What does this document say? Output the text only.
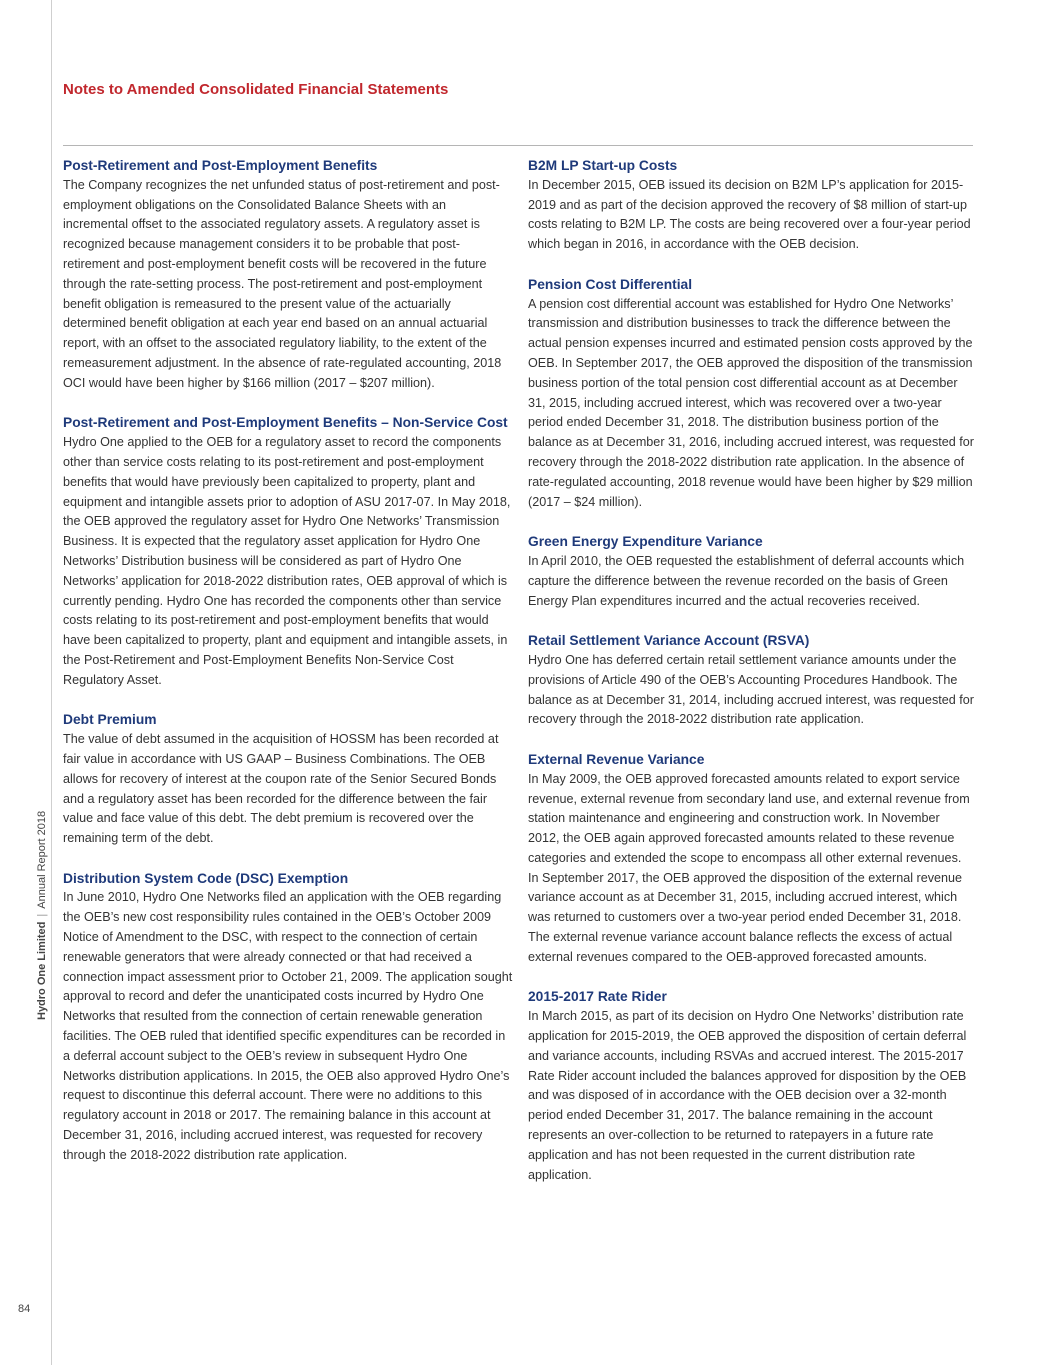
Notes to Amended Consolidated Financial Statements
Hydro One Limited|Annual Report 2018
84
Post-Retirement and Post-Employment Benefits

The Company recognizes the net unfunded status of post-retirement and post-employment obligations on the Consolidated Balance Sheets with an incremental offset to the associated regulatory assets. A regulatory asset is recognized because management considers it to be probable that post-retirement and post-employment benefit costs will be recovered in the future through the rate-setting process. The post-retirement and post-employment benefit obligation is remeasured to the present value of the actuarially determined benefit obligation at each year end based on an annual actuarial report, with an offset to the associated regulatory liability, to the extent of the remeasurement adjustment. In the absence of rate-regulated accounting, 2018 OCI would have been higher by $166 million (2017 – $207 million).

Post-Retirement and Post-Employment Benefits – Non-Service Cost

Hydro One applied to the OEB for a regulatory asset to record the components other than service costs relating to its post-retirement and post-employment benefits that would have previously been capitalized to property, plant and equipment and intangible assets prior to adoption of ASU 2017-07. In May 2018, the OEB approved the regulatory asset for Hydro One Networks’ Transmission Business. It is expected that the regulatory asset application for Hydro One Networks’ Distribution business will be considered as part of Hydro One Networks’ application for 2018-2022 distribution rates, OEB approval of which is currently pending. Hydro One has recorded the components other than service costs relating to its post-retirement and post-employment benefits that would have been capitalized to property, plant and equipment and intangible assets, in the Post-Retirement and Post-Employment Benefits Non-Service Cost Regulatory Asset.

Debt Premium

The value of debt assumed in the acquisition of HOSSM has been recorded at fair value in accordance with US GAAP – Business Combinations. The OEB allows for recovery of interest at the coupon rate of the Senior Secured Bonds and a regulatory asset has been recorded for the difference between the fair value and face value of this debt. The debt premium is recovered over the remaining term of the debt.

Distribution System Code (DSC) Exemption

In June 2010, Hydro One Networks filed an application with the OEB regarding the OEB’s new cost responsibility rules contained in the OEB’s October 2009 Notice of Amendment to the DSC, with respect to the connection of certain renewable generators that were already connected or that had received a connection impact assessment prior to October 21, 2009. The application sought approval to record and defer the unanticipated costs incurred by Hydro One Networks that resulted from the connection of certain renewable generation facilities. The OEB ruled that identified specific expenditures can be recorded in a deferral account subject to the OEB’s review in subsequent Hydro One Networks distribution applications. In 2015, the OEB also approved Hydro One’s request to discontinue this deferral account. There were no additions to this regulatory account in 2018 or 2017. The remaining balance in this account at December 31, 2016, including accrued interest, was requested for recovery through the 2018-2022 distribution rate application.

B2M LP Start-up Costs

In December 2015, OEB issued its decision on B2M LP’s application for 2015-2019 and as part of the decision approved the recovery of $8 million of start-up costs relating to B2M LP. The costs are being recovered over a four-year period which began in 2016, in accordance with the OEB decision.

Pension Cost Differential

A pension cost differential account was established for Hydro One Networks’ transmission and distribution businesses to track the difference between the actual pension expenses incurred and estimated pension costs approved by the OEB. In September 2017, the OEB approved the disposition of the transmission business portion of the total pension cost differential account as at December 31, 2015, including accrued interest, which was recovered over a two-year period ended December 31, 2018. The distribution business portion of the balance as at December 31, 2016, including accrued interest, was requested for recovery through the 2018-2022 distribution rate application. In the absence of rate-regulated accounting, 2018 revenue would have been higher by $29 million (2017 – $24 million).

Green Energy Expenditure Variance

In April 2010, the OEB requested the establishment of deferral accounts which capture the difference between the revenue recorded on the basis of Green Energy Plan expenditures incurred and the actual recoveries received.

Retail Settlement Variance Account (RSVA)

Hydro One has deferred certain retail settlement variance amounts under the provisions of Article 490 of the OEB’s Accounting Procedures Handbook. The balance as at December 31, 2014, including accrued interest, was requested for recovery through the 2018-2022 distribution rate application.

External Revenue Variance

In May 2009, the OEB approved forecasted amounts related to export service revenue, external revenue from secondary land use, and external revenue from station maintenance and engineering and construction work. In November 2012, the OEB again approved forecasted amounts related to these revenue categories and extended the scope to encompass all other external revenues. In September 2017, the OEB approved the disposition of the external revenue variance account as at December 31, 2015, including accrued interest, which was returned to customers over a two-year period ended December 31, 2018. The external revenue variance account balance reflects the excess of actual external revenues compared to the OEB-approved forecasted amounts.

2015-2017 Rate Rider

In March 2015, as part of its decision on Hydro One Networks’ distribution rate application for 2015-2019, the OEB approved the disposition of certain deferral and variance accounts, including RSVAs and accrued interest. The 2015-2017 Rate Rider account included the balances approved for disposition by the OEB and was disposed of in accordance with the OEB decision over a 32-month period ended December 31, 2017. The balance remaining in the account represents an over-collection to be returned to ratepayers in a future rate application and has not been requested in the current distribution rate application.
